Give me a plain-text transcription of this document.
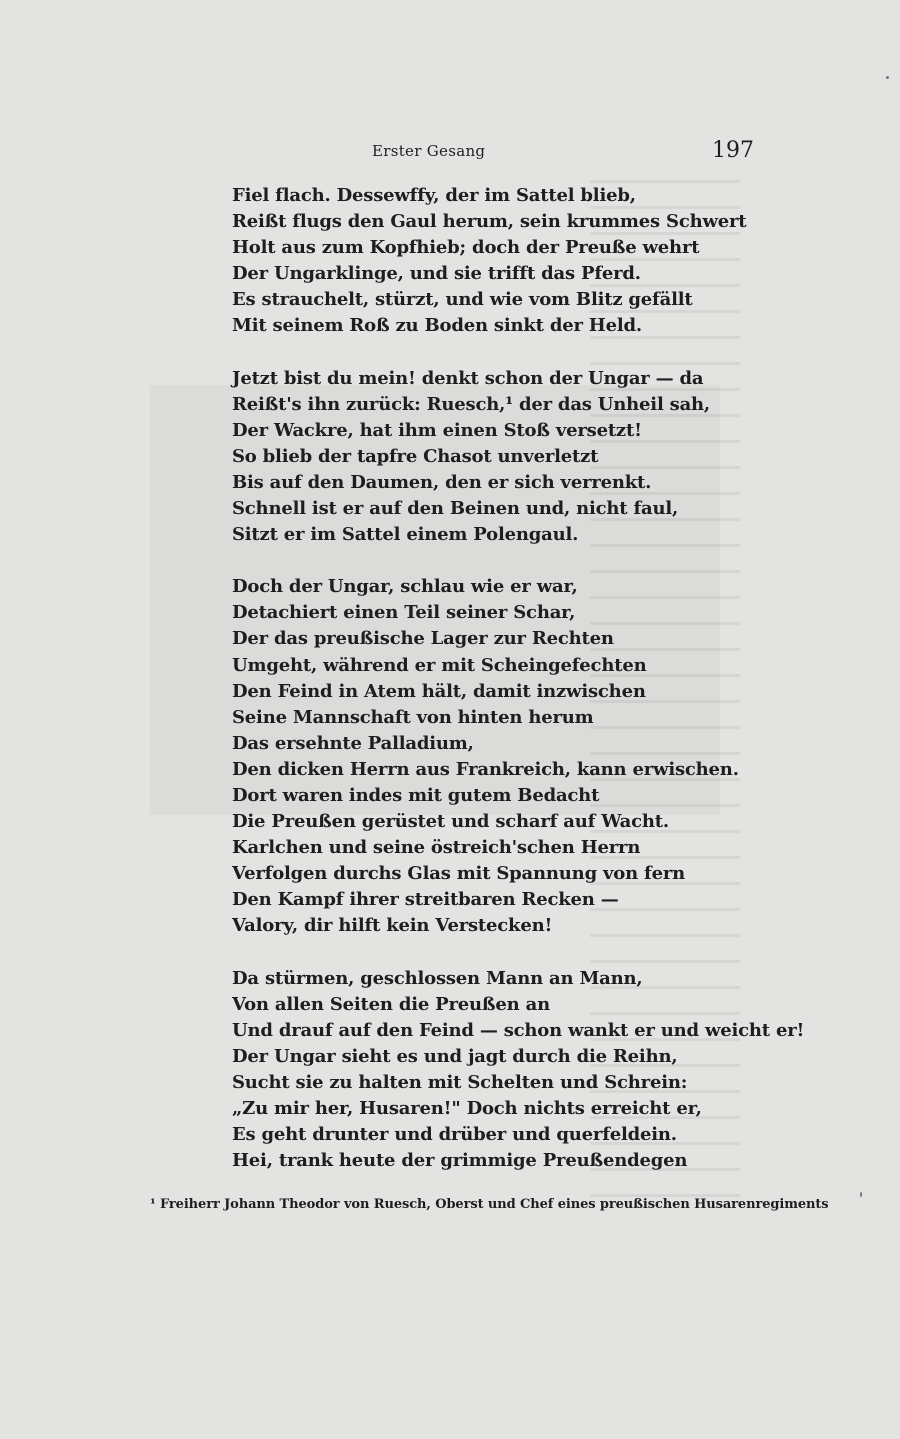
Erster Gesang	197
Fiel flach. Dessewffy, der im Sattel blieb,
Reißt flugs den Gaul herum, sein krummes Schwert
Holt aus zum Kopfhieb; doch der Preuße wehrt
Der Ungarklinge, und sie trifft das Pferd.
Es strauchelt, stürzt, und wie vom Blitz gefällt
Mit seinem Roß zu Boden sinkt der Held.
Jetzt bist du mein! denkt schon der Ungar — da
Reißt's ihn zurück: Ruesch,¹ der das Unheil sah,
Der Wackre, hat ihm einen Stoß versetzt!
So blieb der tapfre Chasot unverletzt
Bis auf den Daumen, den er sich verrenkt.
Schnell ist er auf den Beinen und, nicht faul,
Sitzt er im Sattel einem Polengaul.
Doch der Ungar, schlau wie er war,
Detachiert einen Teil seiner Schar,
Der das preußische Lager zur Rechten
Umgeht, während er mit Scheingefechten
Den Feind in Atem hält, damit inzwischen
Seine Mannschaft von hinten herum
Das ersehnte Palladium,
Den dicken Herrn aus Frankreich, kann erwischen.
Dort waren indes mit gutem Bedacht
Die Preußen gerüstet und scharf auf Wacht.
Karlchen und seine östreich'schen Herrn
Verfolgen durchs Glas mit Spannung von fern
Den Kampf ihrer streitbaren Recken —
Valory, dir hilft kein Verstecken!
Da stürmen, geschlossen Mann an Mann,
Von allen Seiten die Preußen an
Und drauf auf den Feind — schon wankt er und weicht er!
Der Ungar sieht es und jagt durch die Reihn,
Sucht sie zu halten mit Schelten und Schrein:
„Zu mir her, Husaren!" Doch nichts erreicht er,
Es geht drunter und drüber und querfeldein.
Hei, trank heute der grimmige Preußendegen
¹ Freiherr Johann Theodor von Ruesch, Oberst und Chef eines preußischen Husarenregiments
